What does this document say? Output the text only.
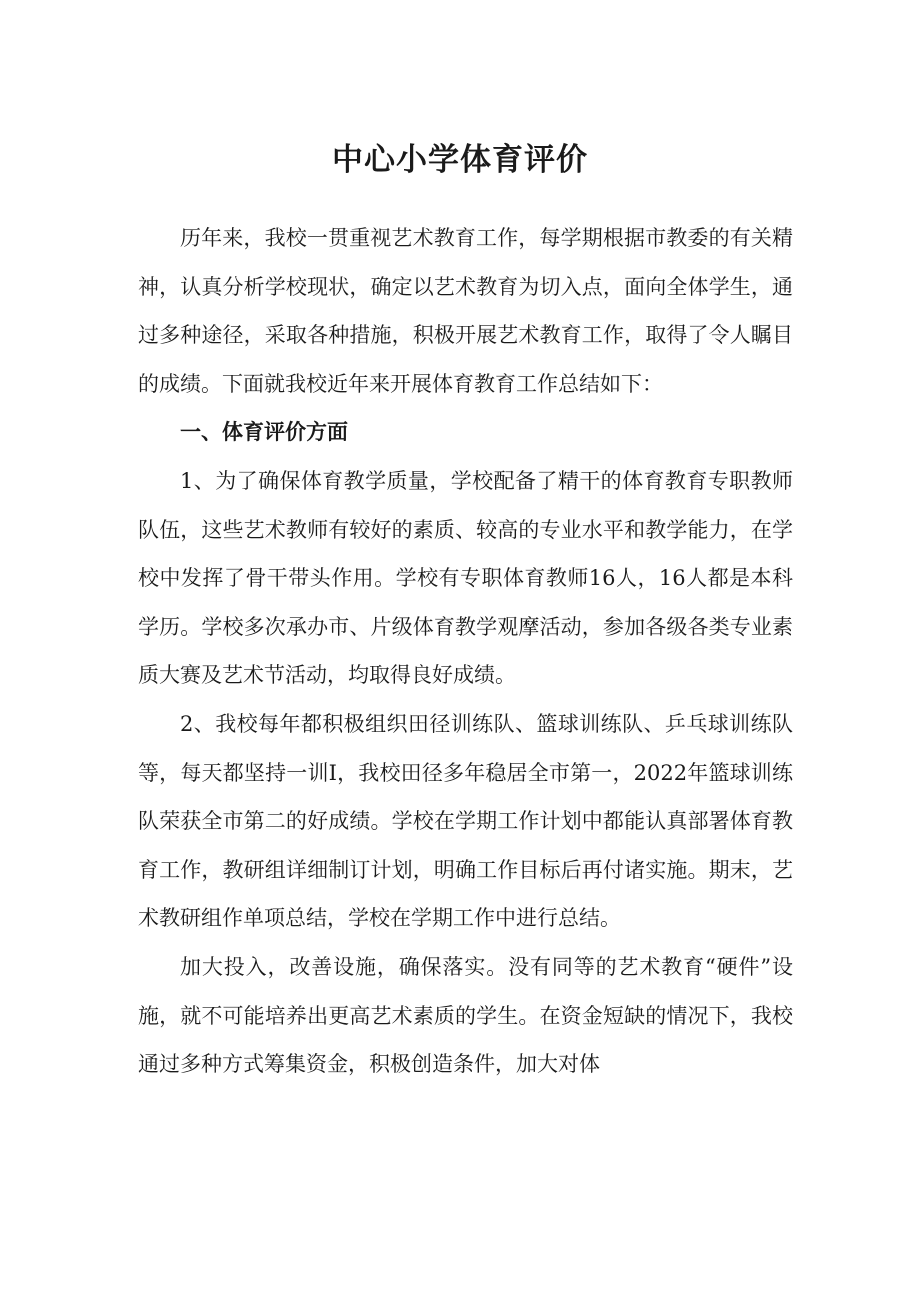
中心小学体育评价

历年来，我校一贯重视艺术教育工作，每学期根据市教委的有关精神，认真分析学校现状，确定以艺术教育为切入点，面向全体学生，通过多种途径，采取各种措施，积极开展艺术教育工作，取得了令人瞩目的成绩。下面就我校近年来开展体育教育工作总结如下：

一、体育评价方面

1、为了确保体育教学质量，学校配备了精干的体育教育专职教师队伍，这些艺术教师有较好的素质、较高的专业水平和教学能力，在学校中发挥了骨干带头作用。学校有专职体育教师16人，16人都是本科学历。学校多次承办市、片级体育教学观摩活动，参加各级各类专业素质大赛及艺术节活动，均取得良好成绩。

2、我校每年都积极组织田径训练队、篮球训练队、乒乓球训练队等，每天都坚持一训I，我校田径多年稳居全市第一，2022年篮球训练队荣获全市第二的好成绩。学校在学期工作计划中都能认真部署体育教育工作，教研组详细制订计划，明确工作目标后再付诸实施。期末，艺术教研组作单项总结，学校在学期工作中进行总结。

加大投入，改善设施，确保落实。没有同等的艺术教育“硬件”设施，就不可能培养出更高艺术素质的学生。在资金短缺的情况下，我校通过多种方式筹集资金，积极创造条件，加大对体
